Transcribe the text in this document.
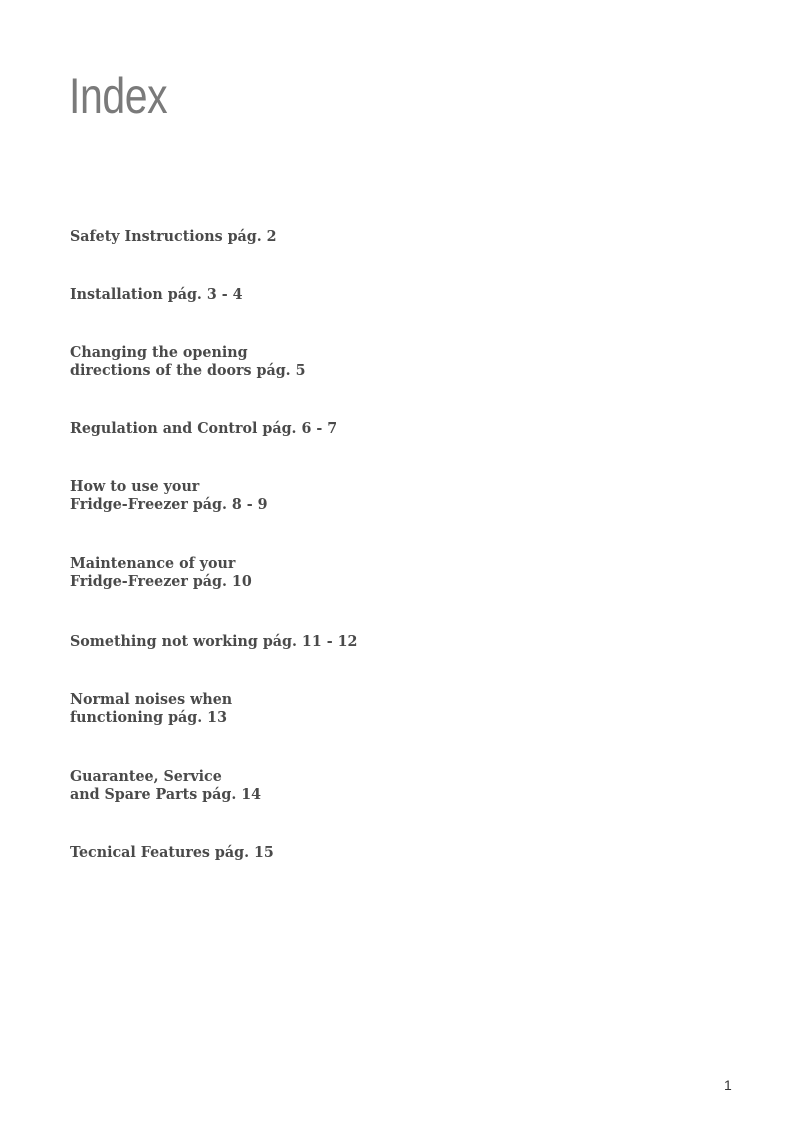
Index
Safety Instructions pág. 2
Installation pág. 3 - 4
Changing the opening
directions of the doors pág. 5
Regulation and Control pág. 6 - 7
How to use your
Fridge-Freezer pág. 8 - 9
Maintenance of your
Fridge-Freezer pág. 10
Something not working pág. 11 - 12
Normal noises when
functioning pág. 13
Guarantee, Service
and Spare Parts pág. 14
Tecnical Features pág. 15
1
